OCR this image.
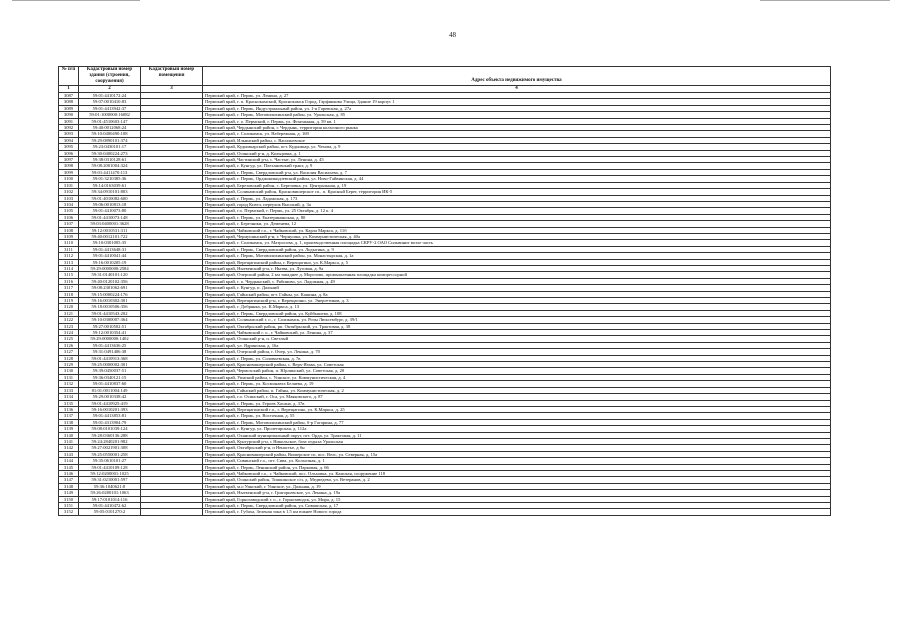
48
№ п/п	Кадастровый номер здания (строения, сооружения)	Кадастровый номер помещения	Адрес объекта недвижимого имущества
1	2	3	4
3087	59:01:4410172:24		Пермский край, г. Пермь, ул. Ленина, д. 27
3088	59:07:0010410:83		Пермский край, г. п. Краснокамский, Краснокамск Город, Гарфинкова Улица, Здание 19 корпус 1
3089	59:01:4413942:37		Пермский край, г. Пермь, Индустриальный район, ул. 1-я Гаревская, д. 27а
3090	59:01:1000000:16082		Пермский край, г. Пермь, Мотовилихинский район, ул. Уральская, д. 85
3091	59:01:4510603:147		Пермский край, г. о. Пермский, г. Пермь, ул. Фонтанная, д. 59 кв. 1
3092	59:40:0012068:24		Пермский край, Чердынский район, г. Чердынь, территория колхозного рынка
3093	59:10:0400490:108		Пермский край, г. Соликамск, ул. Набережная, д. 169
3094	59:29:0890101:374		Пермский край, Ильинский район, с. Васильевское
3095	59:23:0430101:17		Пермский край, Кудымкарский район, пгт. Кудымкар, ул. Чехова, д. 9
3096	59:30:0400224:273		Пермский край, Осинский р-н, д. Кольцовка, д. 1
3097	59:38:0310128:61		Пермский край, Частинский р-н, с. Частые, ул. Ленина, д. 45
3098	59:08:2001004:324		Пермский край, г. Кунгур, ул. Плехановский тракт, д. 9
3099	59:01:4411470:113		Пермский край, г. Пермь, Свердловский р-н, ул. Василия Васильева, д. 7
3100	59:01:3210385:36		Пермский край, г. Пермь, Орджоникидзевский район, ул. Ново-Гайвинская, д. 44
3101	59:14:0163039:61		Пермский край, Березовский район, с. Березовка, ул. Центральная, д. 19
3102	59:34:0910101:803		Пермский край, Соликамский район, Красновишерское сп., п. Красный Берег, территория ИК-5
3103	59:01:4010082:600		Пермский край, г. Пермь, ул. Ладожская, д. 173
3104	59:06:0010813:18		Пермский край, город Кизел, переулок Высокий, д. 3а
3105	59:01:4410073:80		Пермский край, г.о. Пермский, г. Пермь, ул. 25 Октября, д. 12 к. 4
3106	59:01:4410073:148		Пермский край, г. Пермь, ул. Екатерининская, д. 80
3107	59:03:0400001:3628		Пермский край, г. Березники, ул. Деменева, 12
3108	59:12:0010531:311		Пермский край, Чайковский г.о., г. Чайковский, ул. Карла Маркса, д. 11б
3109	59:40:0012101:722		Пермский край, Чернушинский р-н, г. Чернушка, ул. Коммунистическая, д. 40а
3110	59:10:0301005:35		Пермский край, г. Соликамск, ул. Матросова, д. 1, производственная площадка СКРУ-2 ОАО Сильвинит возле часть
3111	59:01:4413648:31		Пермский край, г. Пермь, Свердловский район, ул. Лодыгина, д. 9
3112	59:01:4410041:44		Пермский край, г. Пермь, Мотовилихинский район, ул. Монастырская, д. 1а
3113	59:16:0010205:19		Пермский край, Верещагинский район, г. Верещагино, ул. К.Маркса, д. 5
3114	59:29:0000000:2584		Пермский край, Нытвенский р-н, г. Нытва, ул. Луговая, д. 9а
3115	59:31:0140101:120		Пермский край, Очерский район, 2 км западнее д. Морозово, промышленная площадка компрессорной
3116	59:40:0120102:356		Пермский край, г. о. Чердынский, с. Рябиново, ул. Ладожная, д. 49
3117	59:08:2301062:691		Пермский край, г. Кунгур, п. Дальний
3118	59:15:0000224:176		Пермский край, Гайнский район, пгт. Гайны, ул. Кашина, д. 8а
3119	59:16:0010302:301		Пермский край, Верещагинский р-н, г. Верещагино, ул. Энергетиков, д. 3
3120	59:18:0010506:356		Пермский край, г. Добрянка, ул. К.Маркса, д. 13
3121	59:01:4410543:202		Пермский край, г. Пермь, Свердловский район, ул. Куйбышева, д. 108
3122	59:10:0300007:364		Пермский край, Соликамский г. о., г. Соликамск, ул. Розы Люксембург, д. 39/1
3123	59:27:0010502:51		Пермский край, Октябрьский район, рп. Октябрьский, ул. Трактовая, д. 38
3124	59:12:0010354:41		Пермский край, Чайковский г. о., г. Чайковский, ул. Ленина, д. 37
3125	59:29:0000000:1402		Пермский край, Осинский р-н, п. Светлый
3126	59:01:4413636:25		Пермский край, ул. Ядринская, д. 16а
3127	59:31:0491406:38		Пермский край, Очерский район, г. Очер, ул. Ленина, д. 70
3128	59:01:4410913:368		Пермский край, г. Пермь, ул. Соловьевская, д. 7в
3129	59:25:0000002:301		Пермский край, Красновишерский район, с. Верх-Язьва, ул. Советская
3130	59:39:0450037:51		Пермский край, Чермозский район, п. Юрлинский, ул. Советская, д. 20
3131	59:36:0340121:15		Пермский край, Уинский район, с. Уинское, ул. Коммунистическая, д. 4
3132	59:01:4410837:60		Пермский край, г. Пермь, ул. Космонавта Беляева, д. 19
3133	81:01:0011004:149		Пермский край, Гайнский район, п. Гайны, ул. Коммунистическая, д. 2
3134	59:29:0010338:42		Пермский край, г.о. Осинский, г. Оса, ул. Маяковского, д. 87
3135	59:01:4410925:419		Пермский край, г. Пермь, ул. Героев Хасана, д. 37в
3136	59:16:0010201:393		Пермский край, Верещагинский г.о., г. Верещагино, ул. К.Маркса, д. 25
3137	59:01:4413853:81		Пермский край, г. Пермь, ул. Восточная, д. 55
3138	59:01:4313904:79		Пермский край, г. Пермь, Мотовилихинский район, б-р Гагарина, д. 77
3139	59:08:0101039:124		Пермский край, г. Кунгур, ул. Пролетарская, д. 112а
3140	59:28:0360136:288		Пермский край, Оханский муниципальный округ, пгт. Орда, ул. Трактовая, д. 11
3141	59:24:2840201:982		Пермский край, Кунгурский р-н, с Никольское, база отдыха Уральская
3142	59:27:0021901:308		Пермский край, Октябрьский р-н, п Ненастье, д бн
3143	59:25:0550001:258		Пермский край, Красновишерский район, Вишерское сп, пос. Велс, ул. Северная, д. 15а
3144	59:35:0610101:27		Пермский край, Сивинский г.о., пгт. Сива, ул. Колхозная, д. 1
3145	59:01:4410109:128		Пермский край, г. Пермь, Ленинский район, ул. Парковая, д. 66
3146	59:12:0200001:1025		Пермский край, Чайковский г.о., г. Чайковский, пос. Ольховка, ул. Камская, сооружение 118
3147	59:31:0210001:597		Пермский край, Осинский район, Тишкинское с/п, д. Медведево, ул. Ветеранов, д. 2
3148	59:36:1040621:8		Пермский край, м.о Уинский, г. Уинское, ул. Дальняя, д. 19
3149	59:26:0280101:1063		Пермский край, Нытвенский р-н, г. Григорьевское, ул. Ленина, д. 19а
3150	59:17:0101014:116		Пермский край, Горнозаводский г. о., г. Горнозаводск, ул. Мира, д. 15
3151	59:01:4410472:62		Пермский край, г. Пермь, Свердловский район, ул. Сивашская, д. 17
3152	59:05:0101270:2		Пермский край, г. Губаха, Зеленая зона в 1.5 км южнее Нового города
